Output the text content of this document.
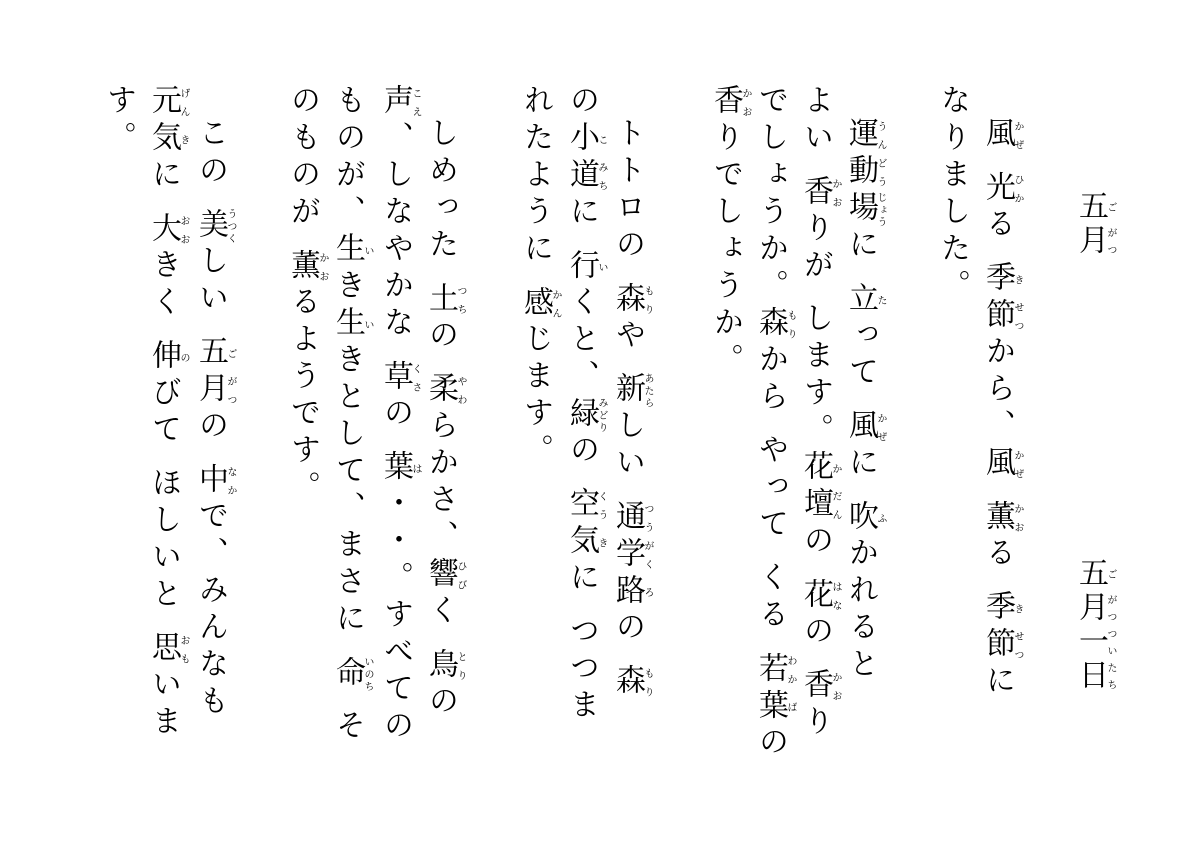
五ご月がつ
五ご月がつ一つい日たち
風かぜ 光ひかる 季き節せつから、風かぜ 薫かおる 季き節せつに
なりました。
運うん動どう場じょうに 立たって 風かぜに 吹ふかれると
よい 香かおりが します。花か壇だんの 花はなの 香かおり
でしょうか。森もりから やって くる 若わか葉ばの
香かおりでしょうか。
トトロの 森もりや 新あたらしい 通つう学がく路ろの 森もり
の小こ道みちに 行いくと、緑みどりの 空くう気きに つつま
れたように 感かんじます。
しめった 土つちの 柔やわらかさ、響ひびく 鳥とりの
声こえ、しなやかな 草くさの 葉は・・。すべての
ものが、生いき生いきとして、まさに 命いのち そ
のものが 薫かおるようです。
この 美うつくしい 五ご月がつの 中なかで、みんなも
元げん気きに 大おおきく 伸のびて ほしいと 思おもいま
す。
